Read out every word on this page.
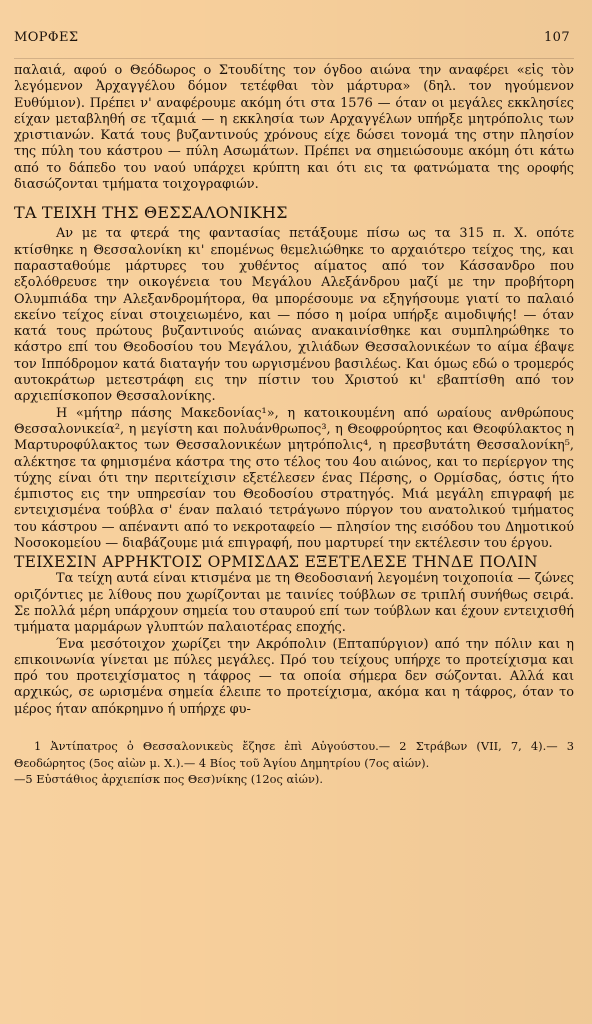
ΜΟΡΦΕΣ	107

παλαιά, αφού ο Θεόδωρος ο Στουδίτης τον όγδοο αιώνα την αναφέρει «εἰς τὸν λεγόμενον Ἀρχαγγέλου δόμον τετέφθαι τὸν μάρτυρα» (δηλ. τον ηγούμενον Ευθύμιον). Πρέπει ν' αναφέρουμε ακόμη ότι στα 1576 — όταν οι μεγάλες εκκλησίες είχαν μεταβληθή σε τζαμιά — η εκκλησία των Αρχαγγέλων υπήρξε μητρόπολις των χριστιανών. Κατά τους βυζαντινούς χρόνους είχε δώσει τονομά της στην πλησίον της πύλη του κάστρου — πύλη Ασωμάτων. Πρέπει να σημειώσουμε ακόμη ότι κάτω από το δάπεδο του ναού υπάρχει κρύπτη και ότι εις τα φατνώματα της οροφής διασώζονται τμήματα τοιχογραφιών.

ΤΑ ΤΕΙΧΗ ΤΗΣ ΘΕΣΣΑΛΟΝΙΚΗΣ

Αν με τα φτερά της φαντασίας πετάξουμε πίσω ως τα 315 π. Χ. οπότε κτίσθηκε η Θεσσαλονίκη κι' επομένως θεμελιώθηκε το αρχαιότερο τείχος της, και παρασταθούμε μάρτυρες του χυθέντος αίματος από τον Κάσσανδρο που εξολόθρευσε την οικογένεια του Μεγάλου Αλεξάνδρου μαζί με την προβήτορη Ολυμπιάδα την Αλεξανδρομήτορα, θα μπορέσουμε να εξηγήσουμε γιατί το παλαιό εκείνο τείχος είναι στοιχειωμένο, και — πόσο η μοίρα υπήρξε αιμοδιψής! — όταν κατά τους πρώτους βυζαντινούς αιώνας ανακαινίσθηκε και συμπληρώθηκε το κάστρο επί του Θεοδοσίου του Μεγάλου, χιλιάδων Θεσσαλονικέων το αίμα έβαψε τον Ιππόδρομον κατά διαταγήν του ωργισμένου βασιλέως. Και όμως εδώ ο τρομερός αυτοκράτωρ μετεστράφη εις την πίστιν του Χριστού κι' εβαπτίσθη από τον αρχιεπίσκοπον Θεσσαλονίκης.

Η «μήτηρ πάσης Μακεδονίας¹», η κατοικουμένη από ωραίους ανθρώπους Θεσσαλονικεία², η μεγίστη και πολυάνθρωπος³, η Θεοφρούρητος και Θεοφύλακτος η Μαρτυροφύλακτος των Θεσσαλονικέων μητρόπολις⁴, η πρεσβυτάτη Θεσσαλονίκη⁵, αλέκτησε τα φημισμένα κάστρα της στο τέλος του 4ου αιώνος, και το περίεργον της τύχης είναι ότι την περιτείχισιν εξετέλεσεν ένας Πέρσης, ο Ορμίσδας, όστις ήτο έμπιστος εις την υπηρεσίαν του Θεοδοσίου στρατηγός. Μιά μεγάλη επιγραφή με εντειχισμένα τούβλα σ' έναν παλαιό τετράγωνο πύργον του ανατολικού τμήματος του κάστρου — απέναντι από το νεκροταφείο — πλησίον της εισόδου του Δημοτικού Νοσοκομείου — διαβάζουμε μιά επιγραφή, που μαρτυρεί την εκτέλεσιν του έργου.

ΤΕΙΧΕΣΙΝ ΑΡΡΗΚΤΟΙΣ ΟΡΜΙΣΔΑΣ ΕΞΕΤΕΛΕΣΕ ΤΗΝΔΕ ΠΟΛΙΝ

Τα τείχη αυτά είναι κτισμένα με τη Θεοδοσιανή λεγομένη τοιχοποιία — ζώνες οριζόντιες με λίθους που χωρίζονται με ταινίες τούβλων σε τριπλή συνήθως σειρά. Σε πολλά μέρη υπάρχουν σημεία του σταυρού επί των τούβλων και έχουν εντειχισθή τμήματα μαρμάρων γλυπτών παλαιοτέρας εποχής.

Ένα μεσότοιχον χωρίζει την Ακρόπολιν (Επταπύργιον) από την πόλιν και η επικοινωνία γίνεται με πύλες μεγάλες. Πρό του τείχους υπήρχε το προτείχισμα και πρό του προτειχίσματος η τάφρος — τα οποία σήμερα δεν σώζονται. Αλλά και αρχικώς, σε ωρισμένα σημεία έλειπε το προτείχισμα, ακόμα και η τάφρος, όταν το μέρος ήταν απόκρημνο ή υπήρχε φυ-

1 Ἀντίπατρος ὁ Θεσσαλονικεὺς ἔζησε ἐπὶ Αὐγούστου.— 2 Στράβων (VII, 7, 4).— 3 Θεοδώρητος (5ος αἰὼν μ. Χ.).— 4 Βίος τοῦ Ἁγίου Δημητρίου (7ος αἰών).

—5 Εὐστάθιος ἀρχιεπίσκ πος Θεσ)νίκης (12ος αἰών).
